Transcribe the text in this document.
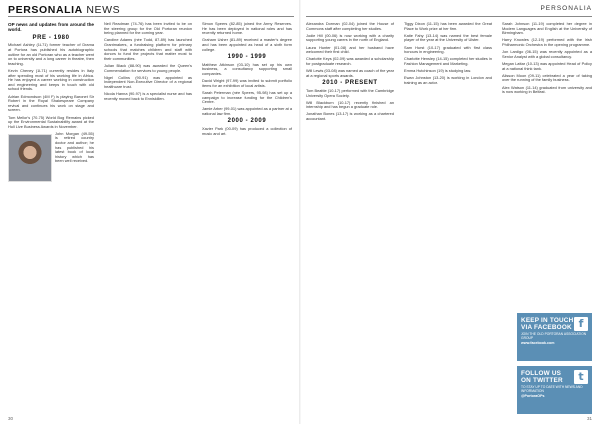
PERSONALIA NEWS
OP news and updates from around the world.
PRE - 1980

Michael Ashley (1L71) former teacher of Drama at Portora has published his autobiographic outline for an old Portoran who as a teacher went on to university and a long career in theatre, then teaching.

Kevin Cheney (1L71) currently resides in Italy after spending most of his working life in Africa. He has enjoyed a career working in construction and engineering and keeps in touch with old school friends.

Adrian Edmondson (4M F) is playing Baronet Sir Robert in the Royal Shakespeare Company revival and continues his work on stage and screen.

Tom Mellor's (70-75) World Bog Remains picked up the Environmental Sustainability award at the Hull Live Business Awards in November.

John Morgan (49-55) is retired country doctor and author; he has published his latest book of local history which has been well received.

Neil Readman (74-76) has been invited to be on the steering group for the Old Portoran reunion being planned for the coming year.

Caroline Adams (née Todd, 87-89) has launched Grantmakers, a fundraising platform for primary schools that matches children and staff with donors to fund the projects that matter most to their communities.

Julian Black (88-90) was awarded the Queen's Commendation for services to young people.

Nigel Collins (90-91) was appointed as Independent Non-Executive Director of a regional healthcare trust.

Nicola Hanna (90-97) is a specialist nurse and has recently moved back to Enniskillen.

Simon Speers (82-85) joined the Army Reserves. He has been deployed in national roles and has recently returned home.

Graham Usher (81-89) received a master's degree and has been appointed as head of a sixth form college.

1990 - 1999

Matthew Atkinson (03-10) has set up his own business, a consultancy supporting small companies.

David Wright (97-99) was invited to submit portfolio items for an exhibition of local artists.

Sarah Peterman (née Speers, 95-98) has set up a campaign to increase funding for the Children's Centre.

Jamie Arber (99-01) was appointed as a partner at a national law firm.

2000 - 2009

Xavier Park (00-09) has produced a collection of music and art.

30
PERSONALIA

Alexandra Dorman (02-04) joined the House of Commons staff after completing her studies.

Jodie Hill (00-06) is now working with a charity supporting young carers in the north of England.

Laura Hunter (01-08) and her husband have welcomed their first child.

Charlotte Keys (02-09) was awarded a scholarship for postgraduate research.

Will Lewis (03-08) was named as coach of the year at a regional sports awards.

2010 - PRESENT

Tom Beattie (10-17) performed with the Cambridge University Opera Society.

Will Blackburn (10-17) recently finished an internship and has begun a graduate role.

Jonathan Bones (13-17) is working as a chartered accountant.

Tiggy Dixon (11-15) has been awarded the Great Place to Work prize at her firm.

Katie Fahy (13-14) was named the best female player of the year at the University of Ulster.

Sam Hurst (10-17) graduated with first class honours in engineering.

Charlotte Hensley (14-15) completed her studies in Fashion Management and Marketing.

Emma Hutchinson (19) is studying law.

Ewan Johnston (13-20) is working in London and training as an actor.

Sarah Johnson (11-19) completed her degree in Modern Languages and English at the University of Birmingham.

Harry Knowles (12-19) performed with the Irish Philharmonic Orchestra in the opening programme.

Jon Lardigo (06-15) was recently appointed as a Senior Analyst with a global consultancy.

Megan Lattar (10-13) was appointed Head of Policy at a national think tank.

Alisson Moon (09-11) celebrated a year of taking over the running of the family business.

Alex Watson (11-14) graduated from university and is now working in Belfast.

f
KEEP IN TOUCH
VIA FACEBOOK
JOIN THE OLD PORTORAN ASSOCIATION GROUP
www.facebook.com
t
FOLLOW US
ON TWITTER
TO STAY UP TO DATE WITH NEWS AND INFORMATION
@PortoraOPs
31
